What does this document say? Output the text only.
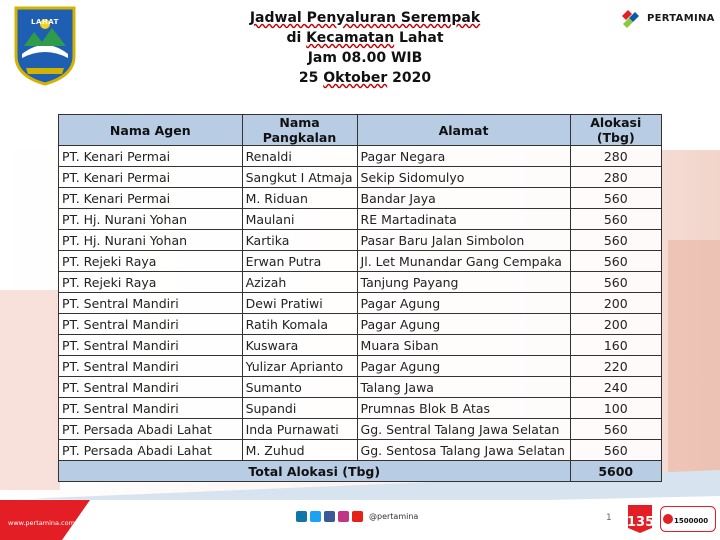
LAHAT	PERTAMINA
Jadwal Penyaluran Serempak
di Kecamatan Lahat
Jam 08.00 WIB
25 Oktober 2020
Nama Agen	Nama Pangkalan	Alamat	Alokasi (Tbg)
PT. Kenari Permai	Renaldi	Pagar Negara	280
PT. Kenari Permai	Sangkut I Atmaja	Sekip Sidomulyo	280
PT. Kenari Permai	M. Riduan	Bandar Jaya	560
PT. Hj. Nurani Yohan	Maulani	RE Martadinata	560
PT. Hj. Nurani Yohan	Kartika	Pasar Baru Jalan Simbolon	560
PT. Rejeki Raya	Erwan Putra	Jl. Let Munandar Gang Cempaka	560
PT. Rejeki Raya	Azizah	Tanjung Payang	560
PT. Sentral Mandiri	Dewi Pratiwi	Pagar Agung	200
PT. Sentral Mandiri	Ratih Komala	Pagar Agung	200
PT. Sentral Mandiri	Kuswara	Muara Siban	160
PT. Sentral Mandiri	Yulizar Aprianto	Pagar Agung	220
PT. Sentral Mandiri	Sumanto	Talang Jawa	240
PT. Sentral Mandiri	Supandi	Prumnas Blok B Atas	100
PT. Persada Abadi Lahat	Inda Purnawati	Gg. Sentral Talang Jawa Selatan	560
PT. Persada Abadi Lahat	M. Zuhud	Gg. Sentosa Talang Jawa Selatan	560
Total Alokasi (Tbg)			5600
www.pertamina.com
@pertamina	1 135	1500000
